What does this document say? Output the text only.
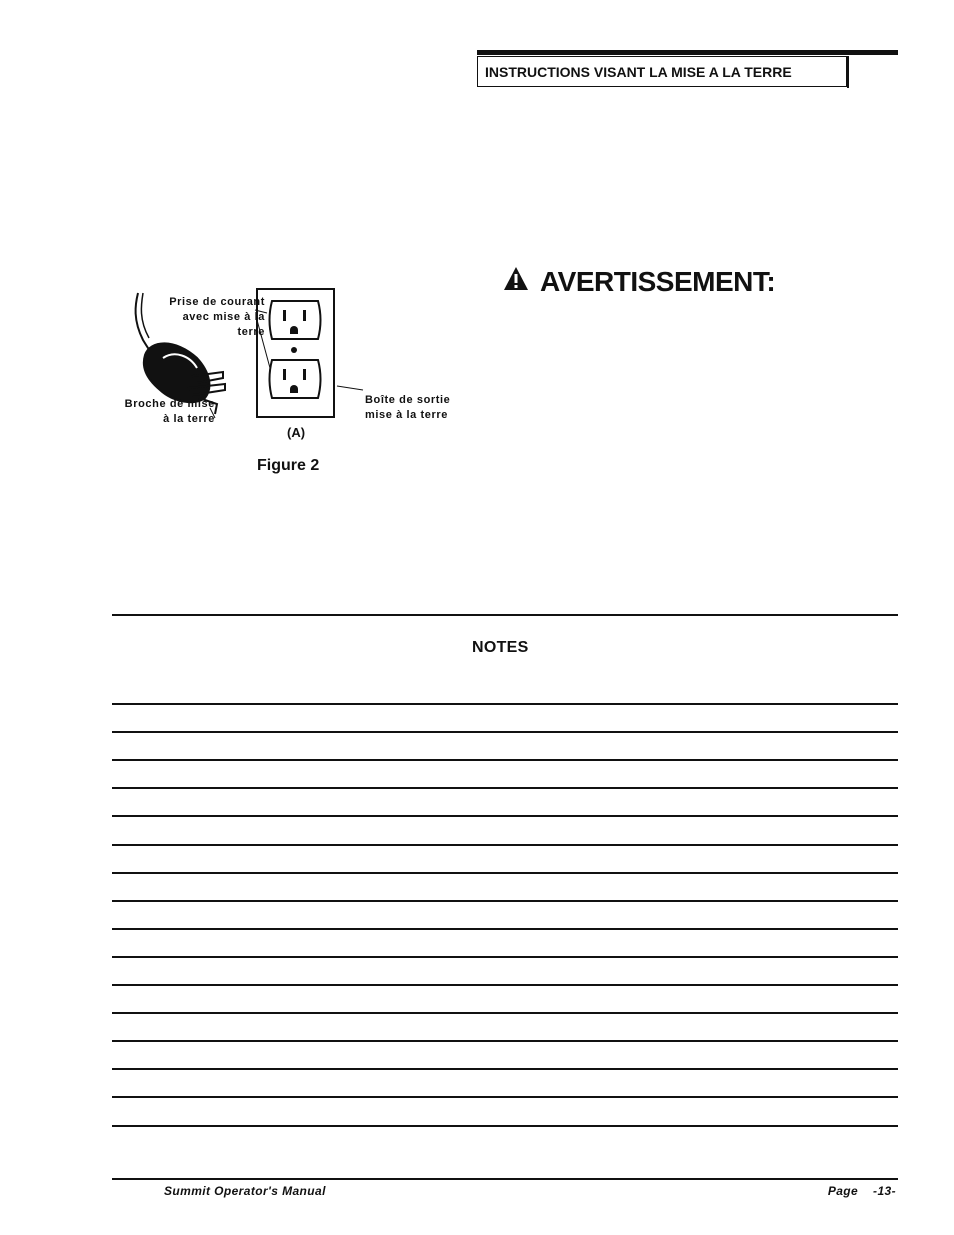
INSTRUCTIONS VISANT LA MISE A LA TERRE
Prise de courant
avec mise à la
terre
Broche de mise
à la terre
Boîte de sortie
mise à la terre
(A)
Figure 2
AVERTISSEMENT:
NOTES
Summit Operator's Manual	Page    -13-
